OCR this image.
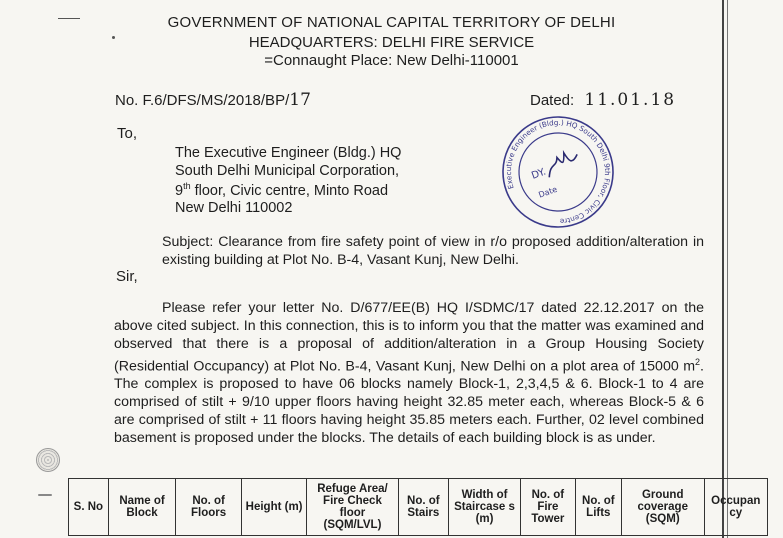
GOVERNMENT OF NATIONAL CAPITAL TERRITORY OF DELHI
HEADQUARTERS: DELHI FIRE SERVICE
=Connaught Place: New Delhi-110001
No. F.6/DFS/MS/2018/BP/17	Dated: 11.01.18
To,
The Executive Engineer (Bldg.) HQ
South Delhi Municipal Corporation,
9th floor, Civic centre, Minto Road
New Delhi 110002
Executive Engineer (Bldg.) HQ South Delhi 9th Floor, Civic Centre
DY.
Date
Subject: Clearance from fire safety point of view in r/o proposed addition/alteration in existing building at Plot No. B-4, Vasant Kunj, New Delhi.
Sir,
Please refer your letter No. D/677/EE(B) HQ I/SDMC/17 dated 22.12.2017 on the above cited subject. In this connection, this is to inform you that the matter was examined and observed that there is a proposal of addition/alteration in a Group Housing Society (Residential Occupancy) at Plot No. B-4, Vasant Kunj, New Delhi on a plot area of 15000 $m^2$. The complex is proposed to have 06 blocks namely Block-1, 2,3,4,5 & 6. Block-1 to 4 are comprised of stilt + 9/10 upper floors having height 32.85 meter each, whereas Block-5 & 6 are comprised of stilt + 11 floors having height 35.85 meters each. Further, 02 level combined basement is proposed under the blocks. The details of each building block is as under.
S. No	Name of Block	No. of Floors	Height (m)	Refuge Area/ Fire Check floor (SQM/LVL)	No. of Stairs	Width of Staircase s (m)	No. of Fire Tower	No. of Lifts	Ground coverage (SQM)	Occupan cy
